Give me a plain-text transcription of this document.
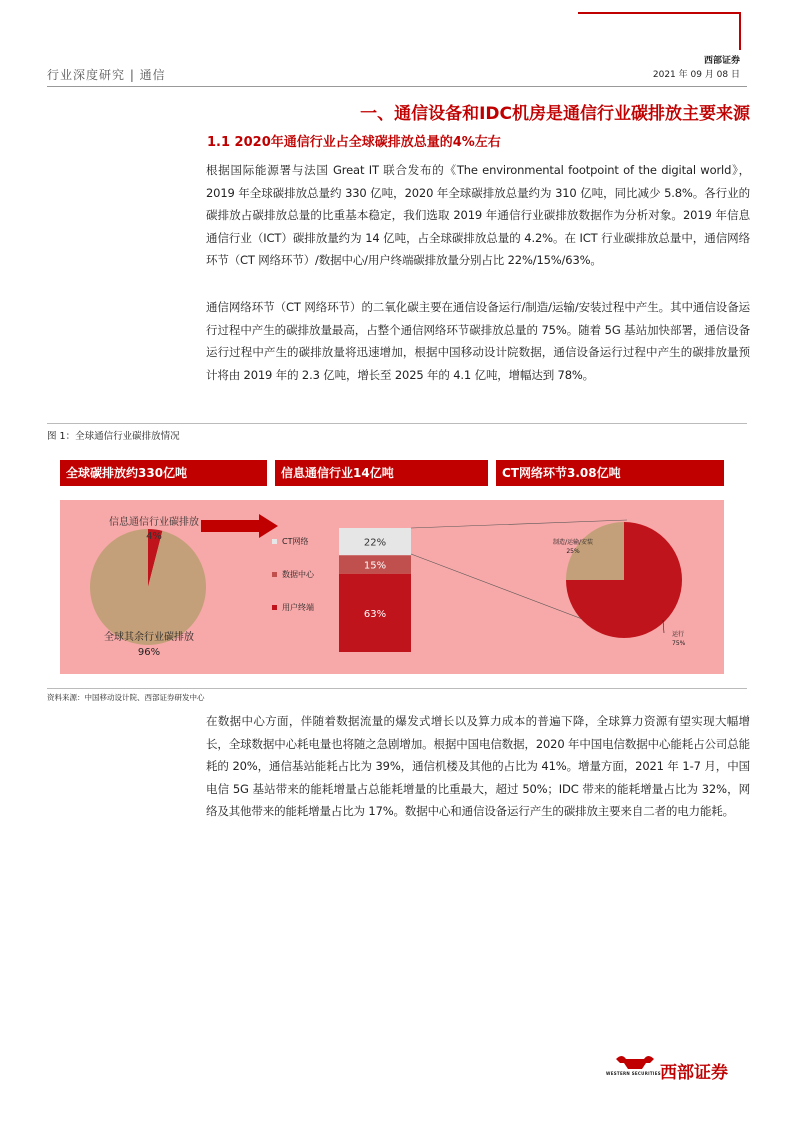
西部证券
行业深度研究 | 通信	2021 年 09 月 08 日
一、通信设备和IDC机房是通信行业碳排放主要来源
1.1 2020年通信行业占全球碳排放总量的4%左右
根据国际能源署与法国 Great IT 联合发布的《The environmental footpoint of the digital world》，2019 年全球碳排放总量约 330 亿吨，2020 年全球碳排放总量约为 310 亿吨，同比减少 5.8%。各行业的碳排放占碳排放总量的比重基本稳定，我们选取 2019 年通信行业碳排放数据作为分析对象。2019 年信息通信行业（ICT）碳排放量约为 14 亿吨，占全球碳排放总量的 4.2%。在 ICT 行业碳排放总量中，通信网络环节（CT 网络环节）/数据中心/用户终端碳排放量分别占比 22%/15%/63%。
通信网络环节（CT 网络环节）的二氧化碳主要在通信设备运行/制造/运输/安装过程中产生。其中通信设备运行过程中产生的碳排放量最高，占整个通信网络环节碳排放总量的 75%。随着 5G 基站加快部署，通信设备运行过程中产生的碳排放量将迅速增加，根据中国移动设计院数据，通信设备运行过程中产生的碳排放量预计将由 2019 年的 2.3 亿吨，增长至 2025 年的 4.1 亿吨，增幅达到 78%。
图 1：全球通信行业碳排放情况
全球碳排放约330亿吨	信息通信行业14亿吨	CT网络环节3.08亿吨
信息通信行业碳排放
4%
全球其余行业碳排放
96%
CT网络
数据中心
用户终端
22%
15%
63%
制造/运输/安装
25%
运行
75%
资料来源：中国移动设计院、西部证券研发中心
在数据中心方面，伴随着数据流量的爆发式增长以及算力成本的普遍下降，全球算力资源有望实现大幅增长，全球数据中心耗电量也将随之急剧增加。根据中国电信数据，2020 年中国电信数据中心能耗占公司总能耗的 20%，通信基站能耗占比为 39%，通信机楼及其他的占比为 41%。增量方面，2021 年 1-7 月，中国电信 5G 基站带来的能耗增量占总能耗增量的比重最大，超过 50%；IDC 带来的能耗增量占比为 32%，网络及其他带来的能耗增量占比为 17%。数据中心和通信设备运行产生的碳排放主要来自二者的电力能耗。
WESTERN SECURITIES 西部证券
